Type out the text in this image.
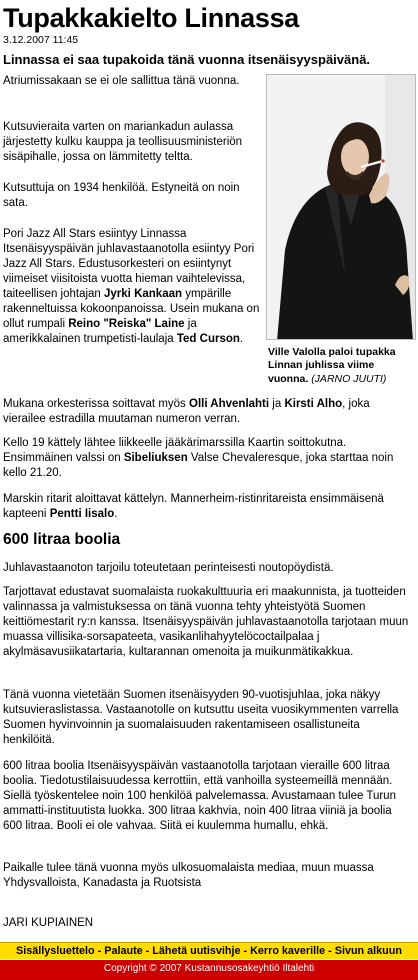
Tupakkakielto Linnassa
3.12.2007 11:45
Linnassa ei saa tupakoida tänä vuonna itsenäisyyspäivänä.

Atriumissakaan se ei ole sallittua tänä vuonna.

Kutsuvieraita varten on mariankadun aulassa järjestetty kulku kauppa ja teollisuusministeriön sisäpihalle, jossa on lämmitetty teltta.

Kutsuttuja on 1934 henkilöä. Estyneitä on noin sata.

Pori Jazz All Stars esiintyy Linnassa Itsenäisyyspäivän juhlavastaanotolla esiintyy Pori Jazz All Stars. Edustusorkesteri on esiintynyt viimeiset viisitoista vuotta hieman vaihtelevissa, taiteellisen johtajan Jyrki Kankaan ympärille rakenneltuissa kokoonpanoissa. Usein mukana on ollut rumpali Reino "Reiska" Laine ja amerikkalainen trumpetisti-laulaja Ted Curson.

Ville Valolla paloi tupakka Linnan juhlissa viime vuonna. (JARNO JUUTI)

Mukana orkesterissa soittavat myös Olli Ahvenlahti ja Kirsti Alho, joka vierailee estradilla muutaman numeron verran.

Kello 19 kättely lähtee liikkeelle jääkärimarssilla Kaartin soittokutna. Ensimmäinen valssi on Sibeliuksen Valse Chevaleresque, joka starttaa noin kello 21.20.

Marskin ritarit aloittavat kättelyn. Mannerheim-ristinritareista ensimmäisenä kapteeni Pentti Iisalo.

600 litraa boolia

Juhlavastaanoton tarjoilu toteutetaan perinteisesti noutopöydistä.

Tarjottavat edustavat suomalaista ruokakulttuuria eri maakunnista, ja tuotteiden valinnassa ja valmistuksessa on tänä vuonna tehty yhteistyötä Suomen keittiömestarit ry:n kanssa. Itsenäisyyspäivän juhlavastaanotolla tarjotaan muun muassa villisika-sorsapateeta, vasikanlihahyytelöcoctailpalaa j akylmäsavusiikatartaria, kultarannan omenoita ja muikunmätikakkua.

Tänä vuonna vietetään Suomen itsenäisyyden 90-vuotisjuhlaa, joka näkyy kutsuvieraslistassa. Vastaanotolle on kutsuttu useita vuosikymmenten varrella Suomen hyvinvoinnin ja suomalaisuuden rakentamiseen osallistuneita henkilöitä.

600 litraa boolia Itsenäisyyspäivän vastaanotolla tarjotaan vieraille 600 litraa boolia. Tiedotustilaisuudessa kerrottiin, että vanhoilla systeemeillä mennään. Siellä työskentelee noin 100 henkilöä palvelemassa. Avustamaan tulee Turun ammatti-instituutista luokka. 300 litraa kakhvia, noin 400 litraa viiniä ja boolia 600 litraa. Booli ei ole vahvaa. Siitä ei kuulemma humallu, ehkä.

Paikalle tulee tänä vuonna myös ulkosuomalaista mediaa, muun muassa Yhdysvalloista, Kanadasta ja Ruotsista

JARI KUPIAINEN
Sisällysluettelo - Palaute - Lähetä uutisvihje - Kerro kaverille - Sivun alkuun
Copyright © 2007 Kustannusosakeyhtiö Iltalehti
